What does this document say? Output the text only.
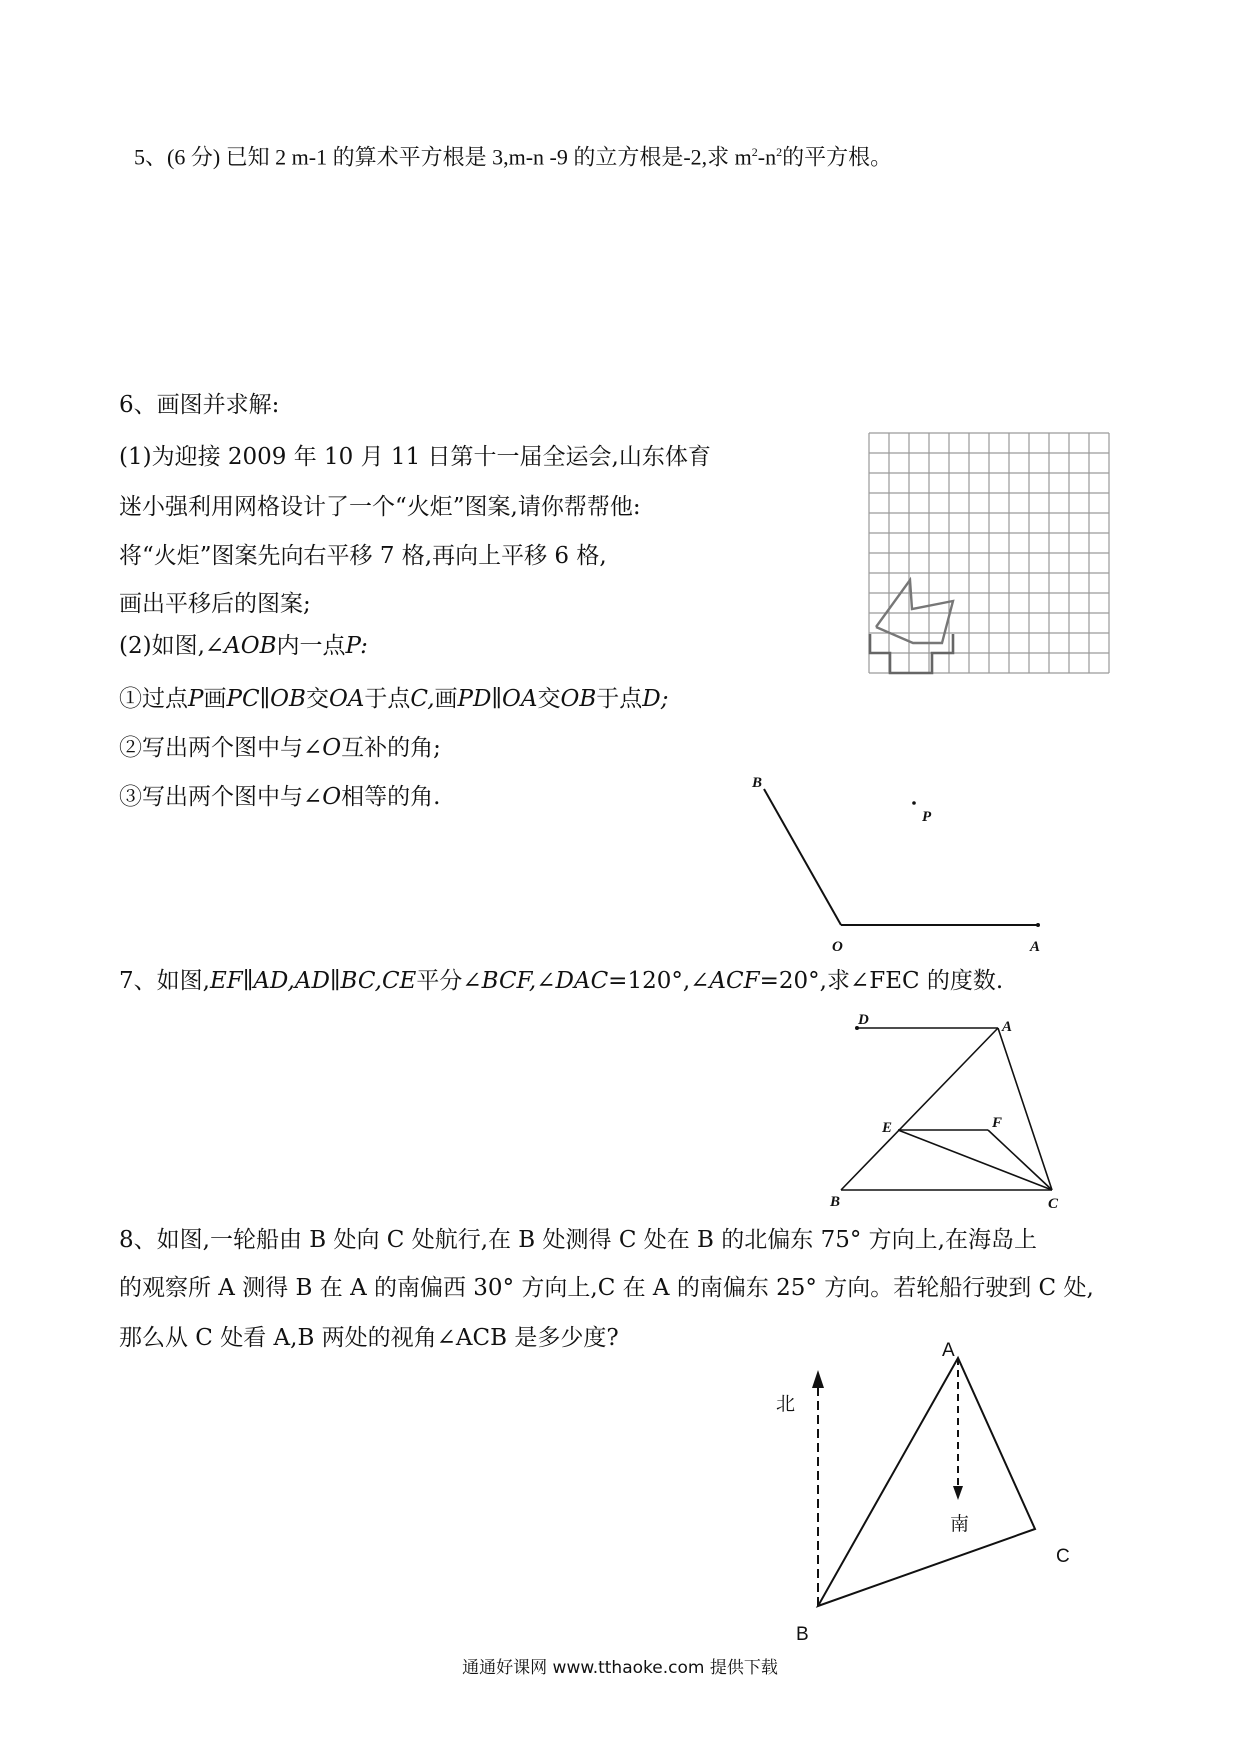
5、(6 分) 已知 2 m-1 的算术平方根是 3,m-n -9 的立方根是-2,求 $m^2-n^2$的平方根。
6、画图并求解:
(1)为迎接 2009 年 10 月 11 日第十一届全运会,山东体育
迷小强利用网格设计了一个“火炬”图案,请你帮帮他:
将“火炬”图案先向右平移 7 格,再向上平移 6 格,
画出平移后的图案;
(2)如图,∠AOB内一点P:
①过点P画PC∥OB交OA于点C,画PD∥OA交OB于点D;
②写出两个图中与∠O互补的角;
③写出两个图中与∠O相等的角.
B
P
O	A
7、如图,EF∥AD,AD∥BC,CE平分∠BCF,∠DAC=120°,∠ACF=20°,求∠FEC 的度数.
D	A
E	F
B	C
8、如图,一轮船由 B 处向 C 处航行,在 B 处测得 C 处在 B 的北偏东 75° 方向上,在海岛上
的观察所 A 测得 B 在 A 的南偏西 30° 方向上,C 在 A 的南偏东 25° 方向。若轮船行驶到 C 处,
那么从 C 处看 A,B 两处的视角∠ACB 是多少度?
北
南
A
B
C
通通好课网 www.tthaoke.com 提供下载
